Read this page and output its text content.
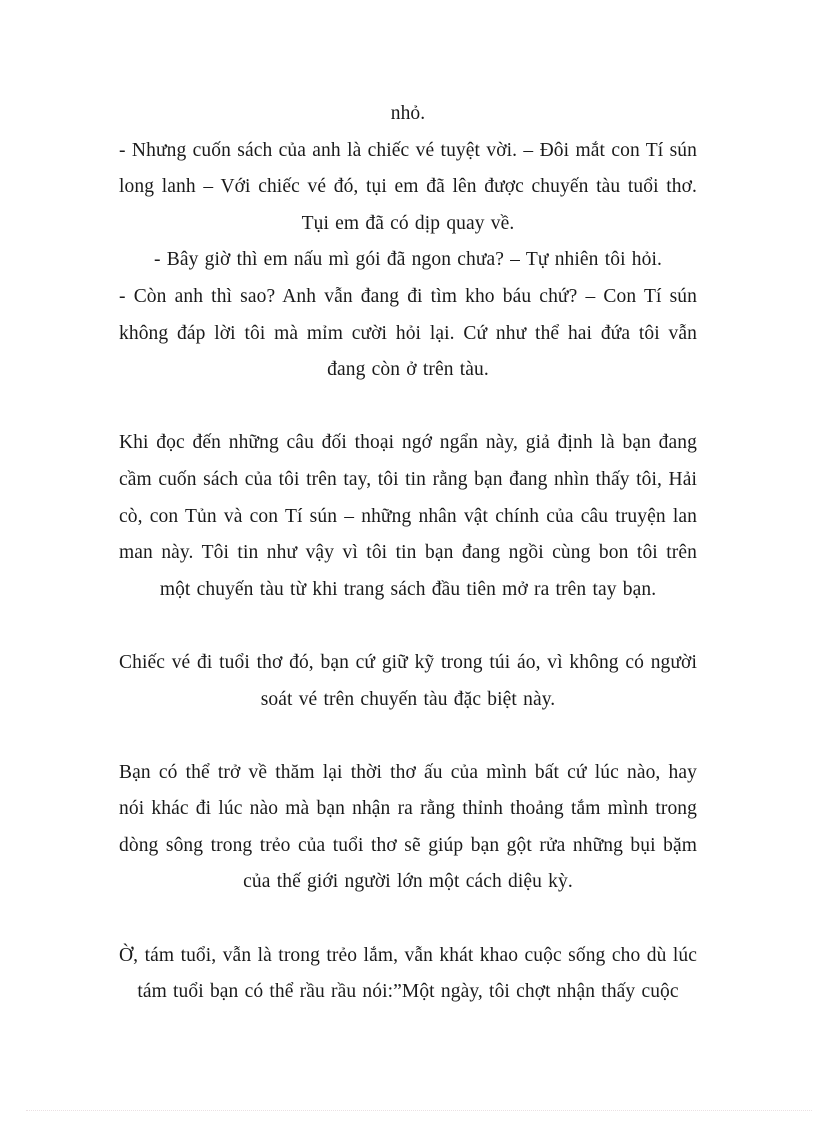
nhỏ.

- Nhưng cuốn sách của anh là chiếc vé tuyệt vời. – Đôi mắt con Tí sún long lanh – Với chiếc vé đó, tụi em đã lên được chuyến tàu tuổi thơ. Tụi em đã có dịp quay về.

- Bây giờ thì em nấu mì gói đã ngon chưa? – Tự nhiên tôi hỏi.

- Còn anh thì sao? Anh vẫn đang đi tìm kho báu chứ? – Con Tí sún không đáp lời tôi mà mỉm cười hỏi lại. Cứ như thể hai đứa tôi vẫn đang còn ở trên tàu.

Khi đọc đến những câu đối thoại ngớ ngẩn này, giả định là bạn đang cầm cuốn sách của tôi trên tay, tôi tin rằng bạn đang nhìn thấy tôi, Hải cò, con Tủn và con Tí sún – những nhân vật chính của câu truyện lan man này. Tôi tin như vậy vì tôi tin bạn đang ngồi cùng bon tôi trên một chuyến tàu từ khi trang sách đầu tiên mở ra trên tay bạn.

Chiếc vé đi tuổi thơ đó, bạn cứ giữ kỹ trong túi áo, vì không có người soát vé trên chuyến tàu đặc biệt này.

Bạn có thể trở về thăm lại thời thơ ấu của mình bất cứ lúc nào, hay nói khác đi lúc nào mà bạn nhận ra rằng thỉnh thoảng tắm mình trong dòng sông trong trẻo của tuổi thơ sẽ giúp bạn gột rửa những bụi bặm của thế giới người lớn một cách diệu kỳ.

Ờ, tám tuổi, vẫn là trong trẻo lắm, vẫn khát khao cuộc sống cho dù lúc tám tuổi bạn có thể rầu rầu nói:”Một ngày, tôi chợt nhận thấy cuộc
